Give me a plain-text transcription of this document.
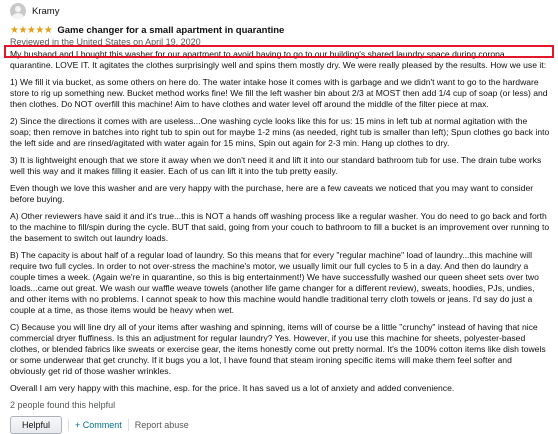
Kramy
★★★★★ Game changer for a small apartment in quarantine
Reviewed in the United States on April 19, 2020

My husband and I bought this washer for our apartment to avoid having to go to our building's shared laundry space during corona quarantine. LOVE IT. It agitates the clothes surprisingly well and spins them mostly dry. We were really pleased by the results. How we use it:

1) We fill it via bucket, as some others on here do. The water intake hose it comes with is garbage and we didn't want to go to the hardware store to rig up something new. Bucket method works fine! We fill the left washer bin about 2/3 at MOST then add 1/4 cup of soap (or less) and then clothes. Do NOT overfill this machine! Aim to have clothes and water level off around the middle of the filter piece at max.

2) Since the directions it comes with are useless...One washing cycle looks like this for us: 15 mins in left tub at normal agitation with the soap; then remove in batches into right tub to spin out for maybe 1-2 mins (as needed, right tub is smaller than left); Spun clothes go back into the left side and are rinsed/agitated with water again for 15 mins, Spin out again for 2-3 min. Hang up clothes to dry.

3) It is lightweight enough that we store it away when we don't need it and lift it into our standard bathroom tub for use. The drain tube works well this way and it makes filling it easier. Each of us can lift it into the tub pretty easily.

Even though we love this washer and are very happy with the purchase, here are a few caveats we noticed that you may want to consider before buying.

A) Other reviewers have said it and it's true...this is NOT a hands off washing process like a regular washer. You do need to go back and forth to the machine to fill/spin during the cycle. BUT that said, going from your couch to bathroom to fill a bucket is an improvement over running to the basement to switch out laundry loads.

B) The capacity is about half of a regular load of laundry. So this means that for every "regular machine" load of laundry...this machine will require two full cycles. In order to not over-stress the machine's motor, we usually limit our full cycles to 5 in a day. And then do laundry a couple times a week. (Again we're in quarantine, so this is big entertainment!) We have successfully washed our queen sheet sets over two loads...came out great. We wash our waffle weave towels (another life game changer for a different review), sweats, hoodies, PJs, undies, and other items with no problems. I cannot speak to how this machine would handle traditional terry cloth towels or jeans. I'd say do just a couple at a time, as those items would be heavy when wet.

C) Because you will line dry all of your items after washing and spinning, items will of course be a little "crunchy" instead of having that nice commercial dryer fluffiness. Is this an adjustment for regular laundry? Yes. However, if you use this machine for sheets, polyester-based clothes, or blended fabrics like sweats or exercise gear, the items honestly come out pretty normal. It's the 100% cotton items like dish towels or some underwear that get crunchy. If it bugs you a lot, I have found that steam ironing specific items will make them feel softer and obviously get rid of those washer wrinkles.

Overall I am very happy with this machine, esp. for the price. It has saved us a lot of anxiety and added convenience.

2 people found this helpful
Helpful	+ Comment Report abuse
